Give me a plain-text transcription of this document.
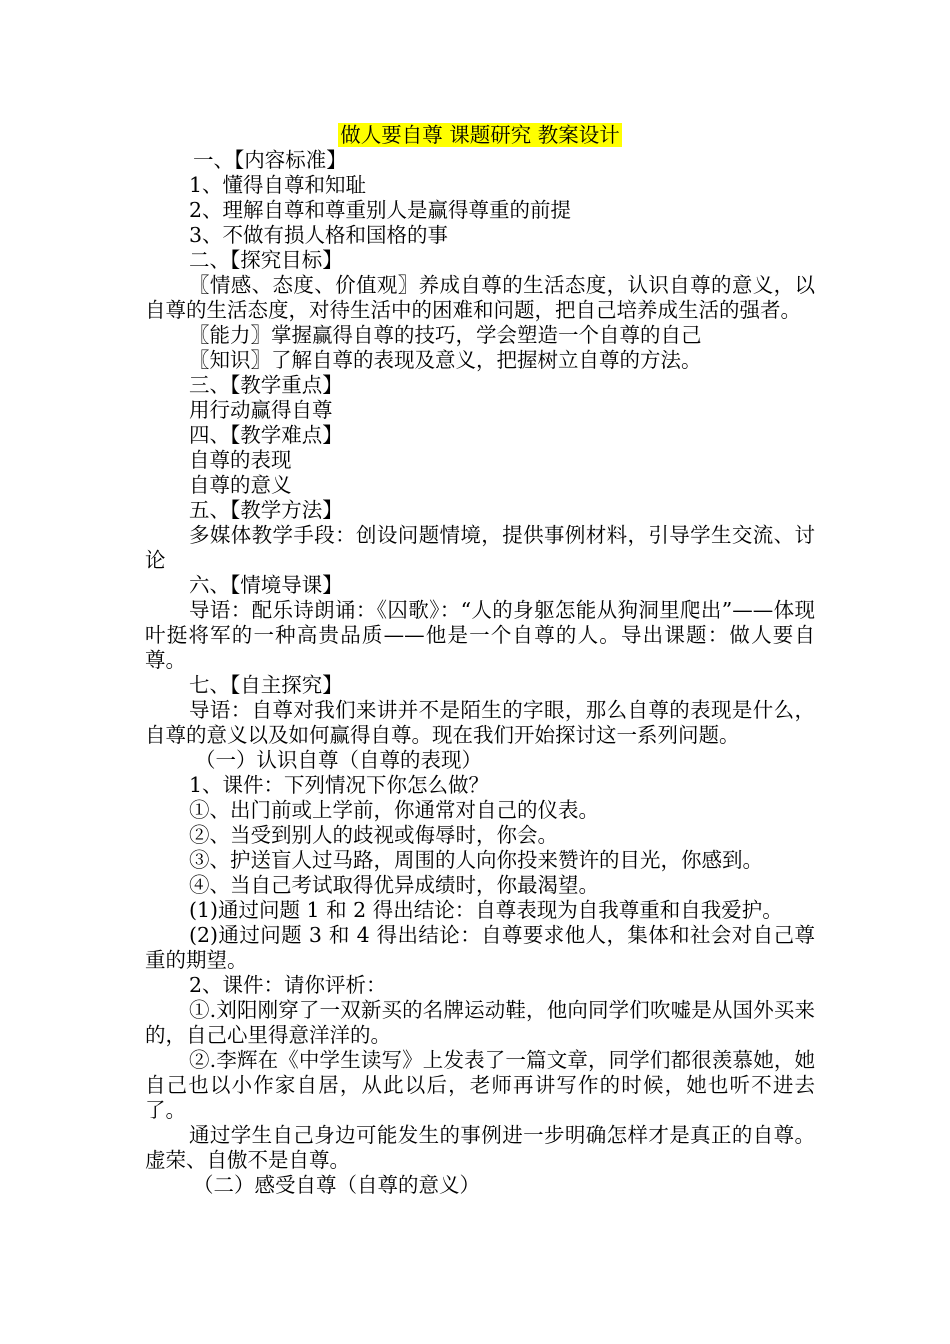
做人要自尊 课题研究 教案设计

一、【内容标准】

1、懂得自尊和知耻

2、理解自尊和尊重别人是赢得尊重的前提

3、不做有损人格和国格的事

二、【探究目标】

〖情感、态度、价值观〗养成自尊的生活态度，认识自尊的意义，以自尊的生活态度，对待生活中的困难和问题，把自己培养成生活的强者。

〖能力〗掌握赢得自尊的技巧，学会塑造一个自尊的自己

〖知识〗了解自尊的表现及意义，把握树立自尊的方法。

三、【教学重点】

用行动赢得自尊

四、【教学难点】

自尊的表现

自尊的意义

五、【教学方法】

多媒体教学手段：创设问题情境，提供事例材料，引导学生交流、讨论

六、【情境导课】

导语：配乐诗朗诵：《囚歌》：“人的身躯怎能从狗洞里爬出”——体现叶挺将军的一种高贵品质——他是一个自尊的人。导出课题：做人要自尊。

七、【自主探究】

导语：自尊对我们来讲并不是陌生的字眼，那么自尊的表现是什么，自尊的意义以及如何赢得自尊。现在我们开始探讨这一系列问题。

（一）认识自尊（自尊的表现）

1、课件：下列情况下你怎么做？

①、出门前或上学前，你通常对自己的仪表。

②、当受到别人的歧视或侮辱时，你会。

③、护送盲人过马路，周围的人向你投来赞许的目光，你感到。

④、当自己考试取得优异成绩时，你最渴望。

(1)通过问题 1 和 2 得出结论：自尊表现为自我尊重和自我爱护。

(2)通过问题 3 和 4 得出结论：自尊要求他人，集体和社会对自己尊重的期望。

2、课件：请你评析：

①.刘阳刚穿了一双新买的名牌运动鞋，他向同学们吹嘘是从国外买来的，自己心里得意洋洋的。

②.李辉在《中学生读写》上发表了一篇文章，同学们都很羡慕她，她自己也以小作家自居，从此以后，老师再讲写作的时候，她也听不进去了。

通过学生自己身边可能发生的事例进一步明确怎样才是真正的自尊。虚荣、自傲不是自尊。

（二）感受自尊（自尊的意义）
